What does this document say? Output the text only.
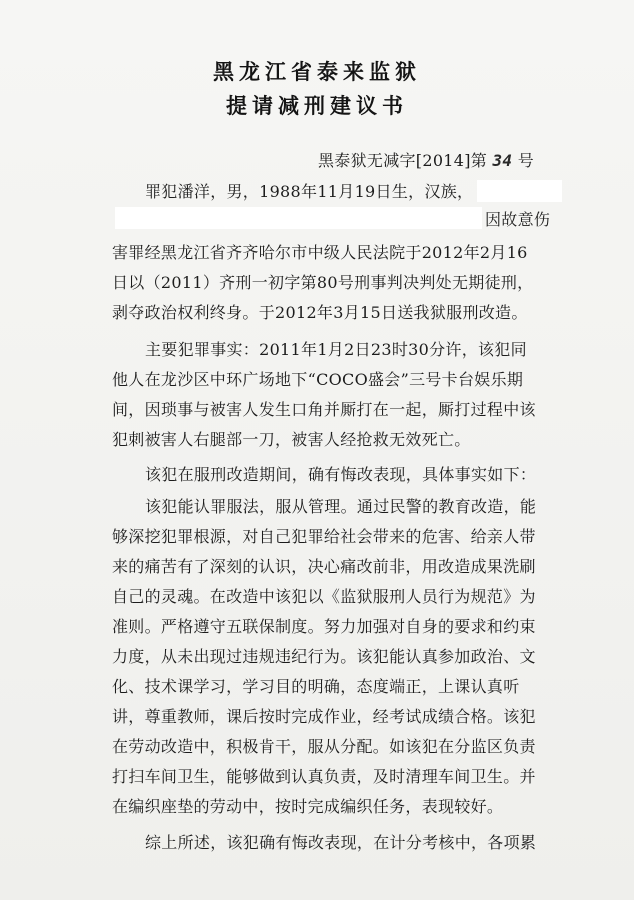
黑龙江省泰来监狱
提请减刑建议书
黑泰狱无减字[2014]第 34 号
罪犯潘洋，男，1988年11月19日生，汉族，
因故意伤
害罪经黑龙江省齐齐哈尔市中级人民法院于2012年2月16
日以（2011）齐刑一初字第80号刑事判决判处无期徒刑，
剥夺政治权利终身。于2012年3月15日送我狱服刑改造。
主要犯罪事实：2011年1月2日23时30分许，该犯同
他人在龙沙区中环广场地下“COCO盛会”三号卡台娱乐期
间，因琐事与被害人发生口角并厮打在一起，厮打过程中该
犯刺被害人右腿部一刀，被害人经抢救无效死亡。
该犯在服刑改造期间，确有悔改表现，具体事实如下：
该犯能认罪服法，服从管理。通过民警的教育改造，能
够深挖犯罪根源，对自己犯罪给社会带来的危害、给亲人带
来的痛苦有了深刻的认识，决心痛改前非，用改造成果洗刷
自己的灵魂。在改造中该犯以《监狱服刑人员行为规范》为
准则。严格遵守五联保制度。努力加强对自身的要求和约束
力度，从未出现过违规违纪行为。该犯能认真参加政治、文
化、技术课学习，学习目的明确，态度端正，上课认真听
讲，尊重教师，课后按时完成作业，经考试成绩合格。该犯
在劳动改造中，积极肯干，服从分配。如该犯在分监区负责
打扫车间卫生，能够做到认真负责，及时清理车间卫生。并
在编织座垫的劳动中，按时完成编织任务，表现较好。
综上所述，该犯确有悔改表现，在计分考核中，各项累
